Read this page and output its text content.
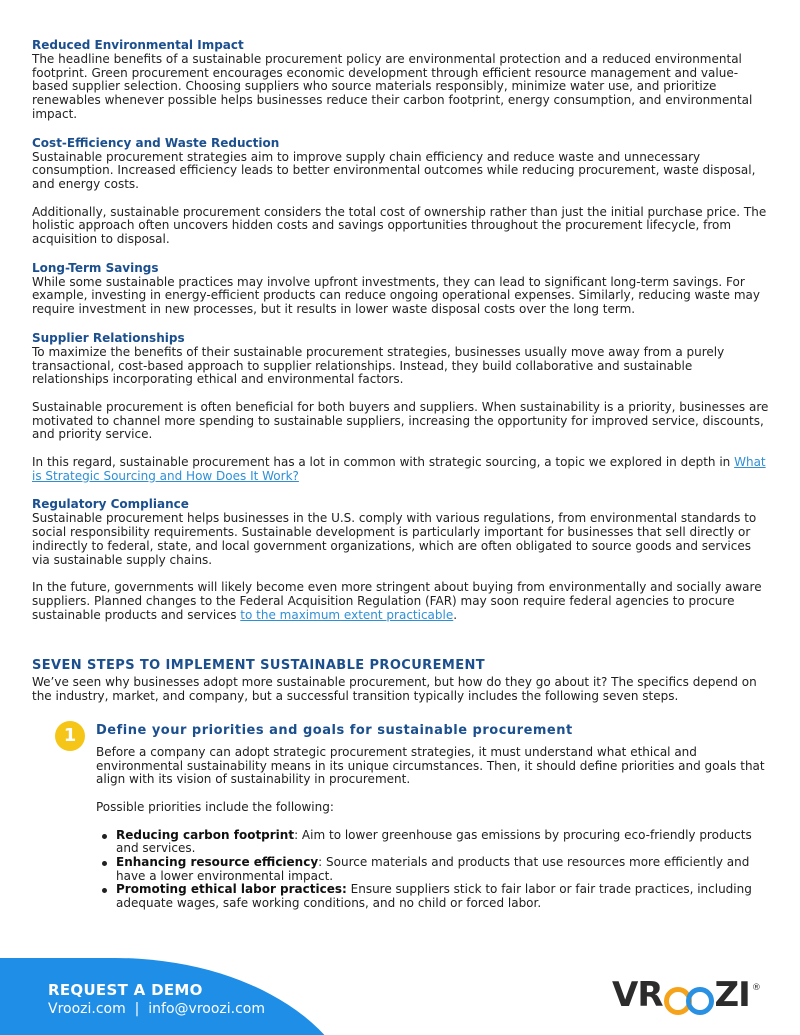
Reduced Environmental Impact
The headline benefits of a sustainable procurement policy are environmental protection and a reduced environmental footprint. Green procurement encourages economic development through efficient resource management and value-based supplier selection. Choosing suppliers who source materials responsibly, minimize water use, and prioritize renewables whenever possible helps businesses reduce their carbon footprint, energy consumption, and environmental impact.
Cost-Efficiency and Waste Reduction
Sustainable procurement strategies aim to improve supply chain efficiency and reduce waste and unnecessary consumption. Increased efficiency leads to better environmental outcomes while reducing procurement, waste disposal, and energy costs.
Additionally, sustainable procurement considers the total cost of ownership rather than just the initial purchase price. The holistic approach often uncovers hidden costs and savings opportunities throughout the procurement lifecycle, from acquisition to disposal.
Long-Term Savings
While some sustainable practices may involve upfront investments, they can lead to significant long-term savings. For example, investing in energy-efficient products can reduce ongoing operational expenses. Similarly, reducing waste may require investment in new processes, but it results in lower waste disposal costs over the long term.
Supplier Relationships
To maximize the benefits of their sustainable procurement strategies, businesses usually move away from a purely transactional, cost-based approach to supplier relationships. Instead, they build collaborative and sustainable relationships incorporating ethical and environmental factors.
Sustainable procurement is often beneficial for both buyers and suppliers. When sustainability is a priority, businesses are motivated to channel more spending to sustainable suppliers, increasing the opportunity for improved service, discounts, and priority service.
In this regard, sustainable procurement has a lot in common with strategic sourcing, a topic we explored in depth in What is Strategic Sourcing and How Does It Work?
Regulatory Compliance
Sustainable procurement helps businesses in the U.S. comply with various regulations, from environmental standards to social responsibility requirements. Sustainable development is particularly important for businesses that sell directly or indirectly to federal, state, and local government organizations, which are often obligated to source goods and services via sustainable supply chains.
In the future, governments will likely become even more stringent about buying from environmentally and socially aware suppliers. Planned changes to the Federal Acquisition Regulation (FAR) may soon require federal agencies to procure sustainable products and services to the maximum extent practicable.
SEVEN STEPS TO IMPLEMENT SUSTAINABLE PROCUREMENT
We’ve seen why businesses adopt more sustainable procurement, but how do they go about it? The specifics depend on the industry, market, and company, but a successful transition typically includes the following seven steps.
1	Define your priorities and goals for sustainable procurement
Before a company can adopt strategic procurement strategies, it must understand what ethical and environmental sustainability means in its unique circumstances. Then, it should define priorities and goals that align with its vision of sustainability in procurement.
Possible priorities include the following:
Reducing carbon footprint: Aim to lower greenhouse gas emissions by procuring eco-friendly products and services.
Enhancing resource efficiency: Source materials and products that use resources more efficiently and have a lower environmental impact.
Promoting ethical labor practices: Ensure suppliers stick to fair labor or fair trade practices, including adequate wages, safe working conditions, and no child or forced labor.
REQUEST A DEMO
Vroozi.com | info@vroozi.com	VR ZI ®
